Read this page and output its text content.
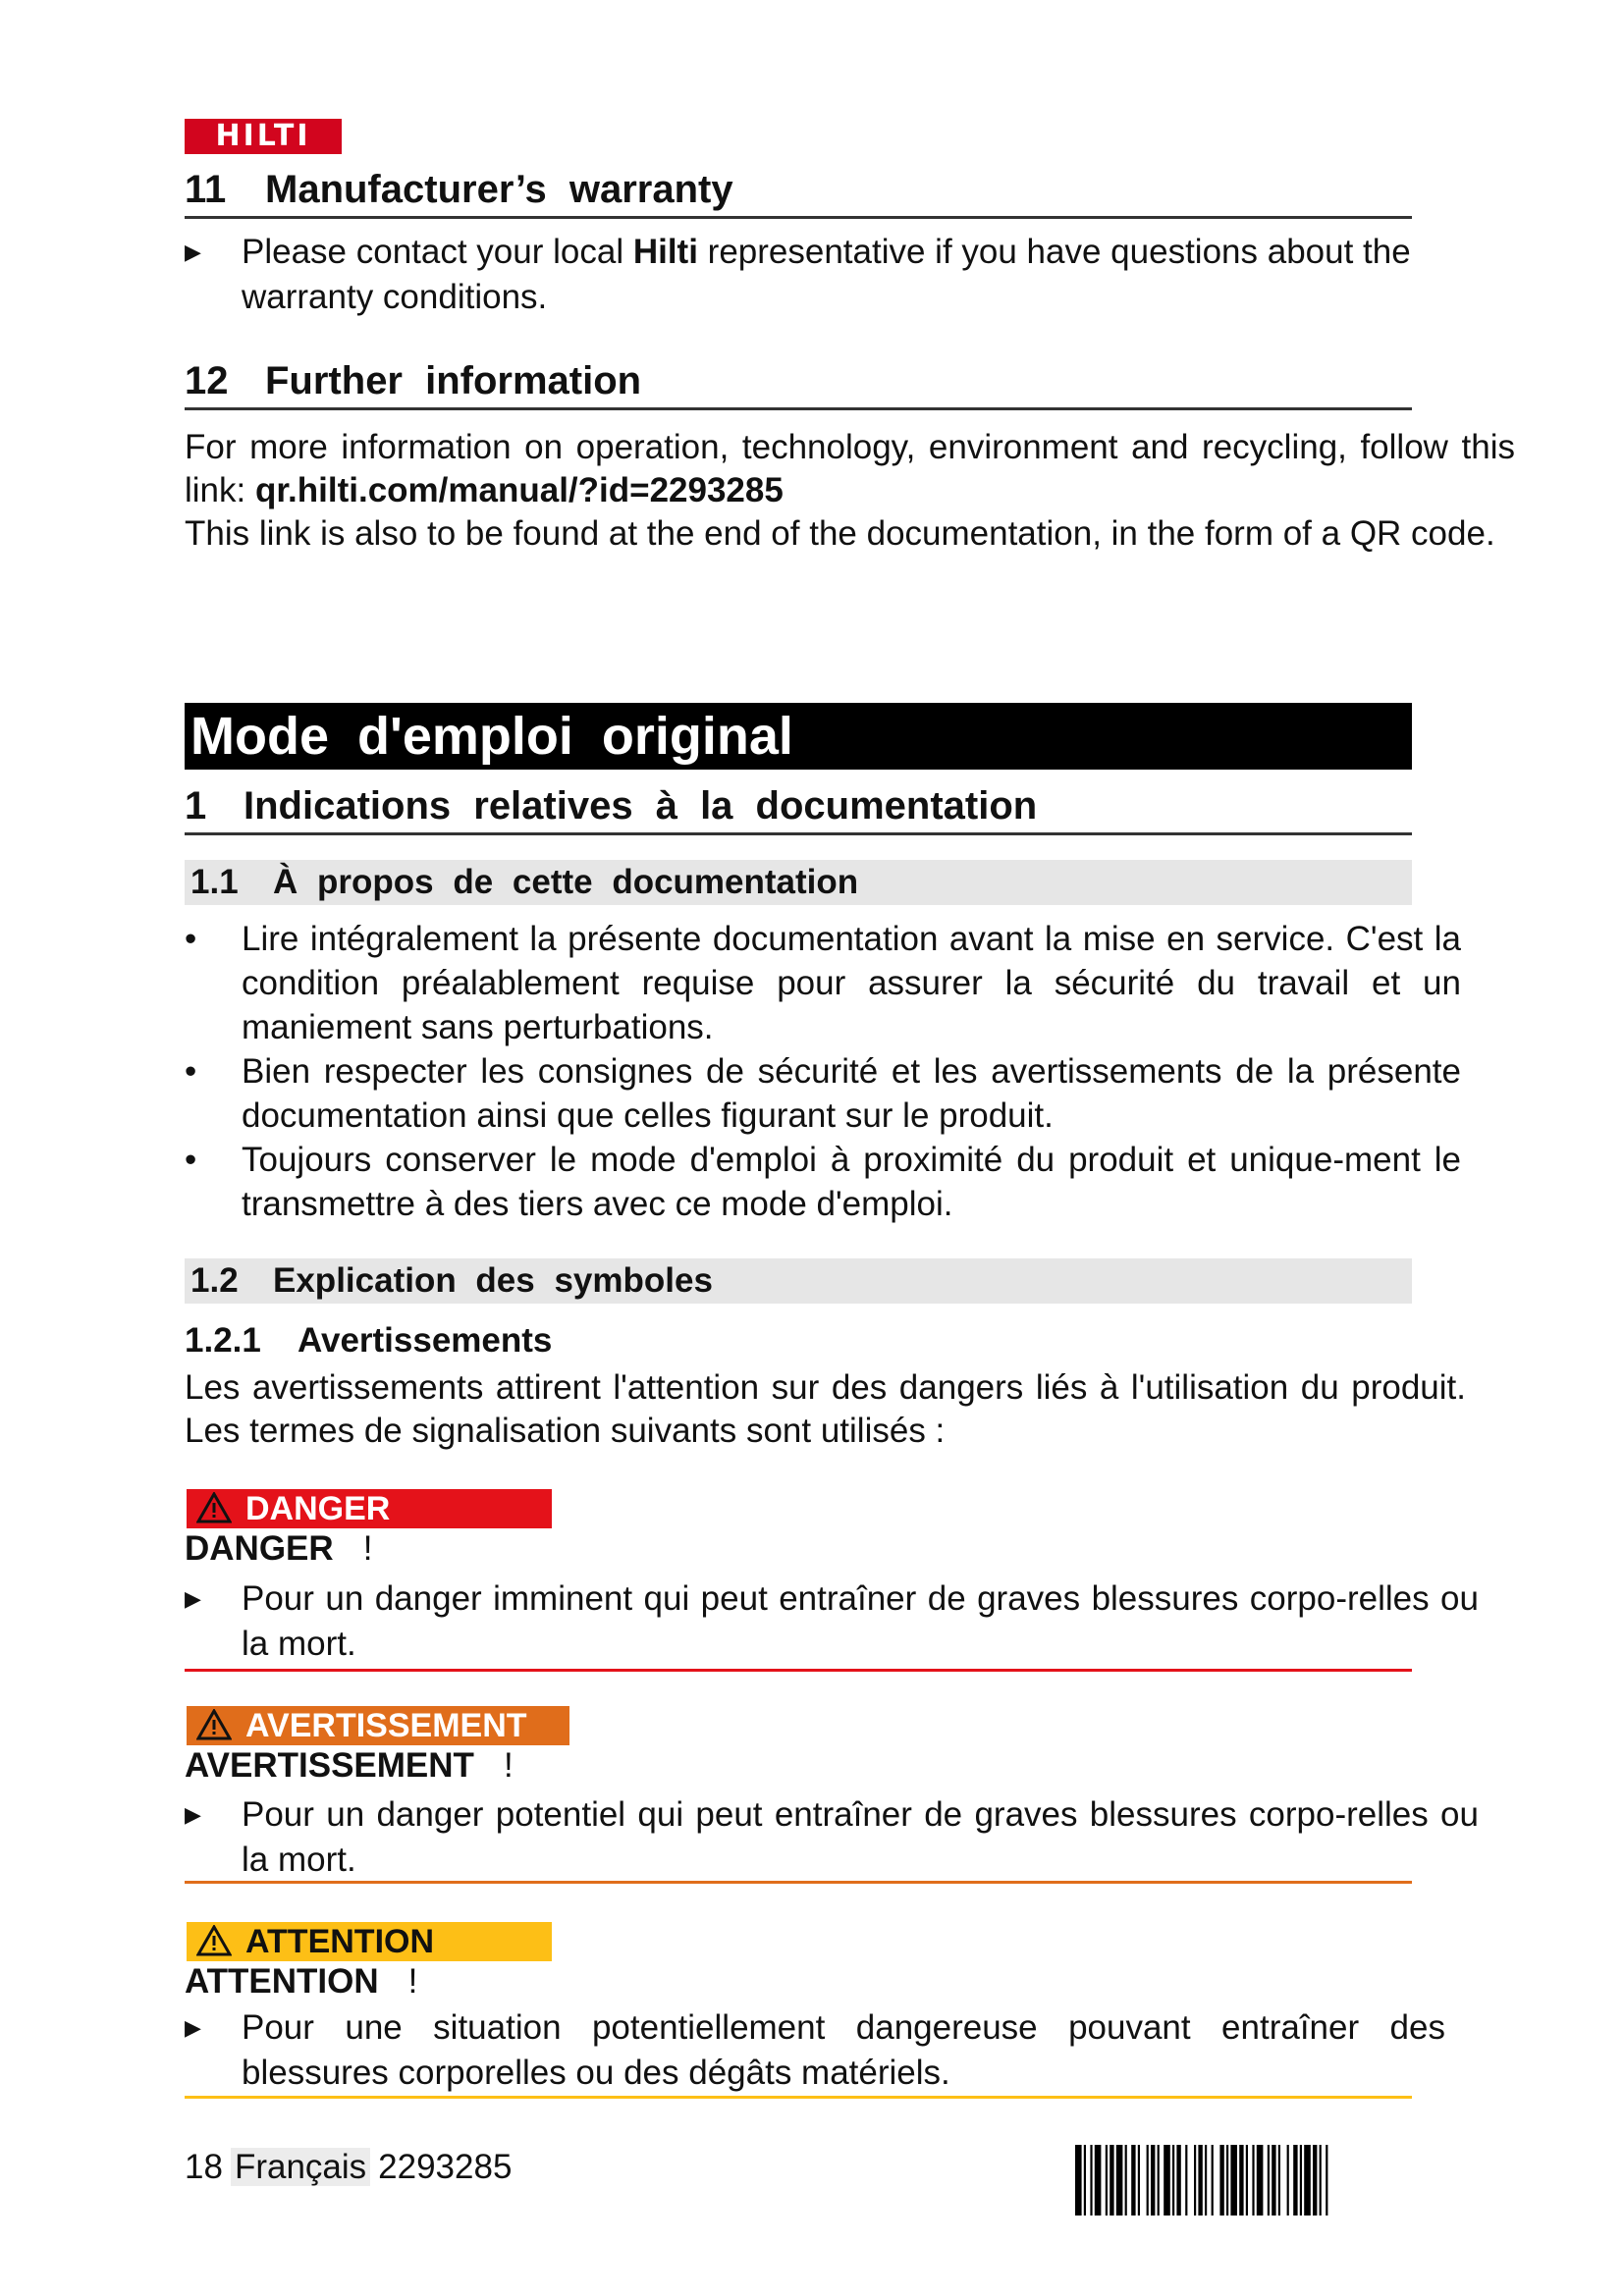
HILTI
11 Manufacturer’s warranty
▶ Please contact your local Hilti representative if you have questions about the warranty conditions.
12 Further information
For more information on operation, technology, environment and recycling, follow this link: qr.hilti.com/manual/?id=2293285
This link is also to be found at the end of the documentation, in the form of a QR code.
Mode d'emploi original
1 Indications relatives à la documentation
1.1 À propos de cette documentation
• Lire intégralement la présente documentation avant la mise en service. C'est la condition préalablement requise pour assurer la sécurité du travail et un maniement sans perturbations.
• Bien respecter les consignes de sécurité et les avertissements de la présente documentation ainsi que celles figurant sur le produit.
• Toujours conserver le mode d'emploi à proximité du produit et unique-ment le transmettre à des tiers avec ce mode d'emploi.
1.2 Explication des symboles
1.2.1 Avertissements
Les avertissements attirent l'attention sur des dangers liés à l'utilisation du produit. Les termes de signalisation suivants sont utilisés :
DANGER
DANGER !
▶ Pour un danger imminent qui peut entraîner de graves blessures corpo-relles ou la mort.
AVERTISSEMENT
AVERTISSEMENT !
▶ Pour un danger potentiel qui peut entraîner de graves blessures corpo-relles ou la mort.
ATTENTION
ATTENTION !
▶ Pour une situation potentiellement dangereuse pouvant entraîner des blessures corporelles ou des dégâts matériels.
18 Français 2293285
